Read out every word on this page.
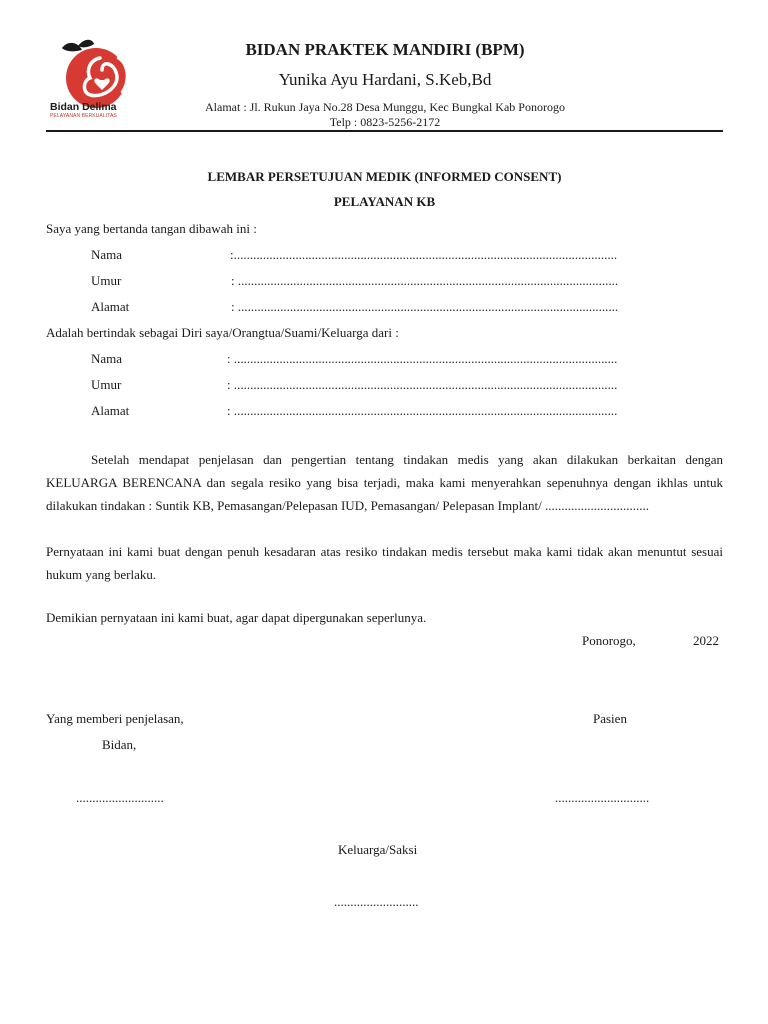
Bidan Delima
PELAYANAN BERKUALITAS
BIDAN PRAKTEK MANDIRI (BPM)
Yunika Ayu Hardani, S.Keb,Bd
Alamat : Jl. Rukun Jaya No.28 Desa Munggu, Kec Bungkal Kab Ponorogo
Telp : 0823-5256-2172
LEMBAR PERSETUJUAN MEDIK (INFORMED CONSENT)
PELAYANAN KB
Saya yang bertanda tangan dibawah ini :
Nama	:......................................................................................................................
Umur	: .....................................................................................................................
Alamat	: .....................................................................................................................
Adalah bertindak sebagai Diri saya/Orangtua/Suami/Keluarga dari :
Nama	: ......................................................................................................................
Umur	: ......................................................................................................................
Alamat	: ......................................................................................................................
Setelah mendapat penjelasan dan pengertian tentang tindakan medis yang akan dilakukan berkaitan dengan KELUARGA BERENCANA dan segala resiko yang bisa terjadi, maka kami menyerahkan sepenuhnya dengan ikhlas untuk dilakukan tindakan : Suntik KB, Pemasangan/Pelepasan IUD, Pemasangan/ Pelepasan Implant/ ................................
Pernyataan ini kami buat dengan penuh kesadaran atas resiko tindakan medis tersebut maka kami tidak akan menuntut sesuai hukum yang berlaku.
Demikian pernyataan ini kami buat, agar dapat dipergunakan seperlunya.
Ponorogo,	2022
Yang memberi penjelasan,
Bidan,
...........................
Pasien
.............................
Keluarga/Saksi
..........................
